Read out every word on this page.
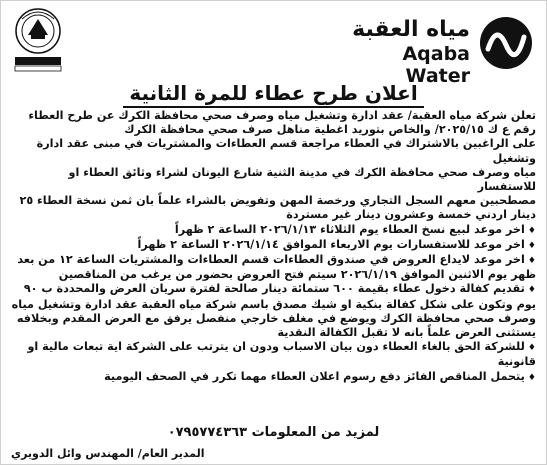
مياه العقبة
Aqaba Water
اعلان طرح عطاء للمرة الثانية

تعلن شركة مياه العقبة/ عقد ادارة وتشغيل مياه وصرف صحي محافظة الكرك عن طرح العطاء

رقم ع ك ٢٠٢٥/١٥/ والخاص بتوريد اغطية مناهل صرف صحي محافظة الكرك

على الراغبين بالاشتراك في العطاء مراجعة قسم العطاءات والمشتريات في مبنى عقد ادارة وتشغيل

مياه وصرف صحي محافظة الكرك في مدينة الثنية شارع اليونان لشراء وثائق العطاء او للاستفسار

مصطحبين معهم السجل التجاري ورخصة المهن وتفويض بالشراء علماً بان ثمن نسخة العطاء ٢٥

دينار اردني خمسة وعشرون دينار غير مستردة

♦ اخر موعد لبيع نسخ العطاء يوم الثلاثاء ٢٠٢٦/١/١٣ الساعة ٢ ظهراً

♦ اخر موعد للاستفسارات يوم الاربعاء الموافق ٢٠٢٦/١/١٤ الساعة ٢ ظهراً

♦ اخر موعد لايداع العروض في صندوق العطاءات قسم العطاءات والمشتريات الساعة ١٢ من بعد

ظهر يوم الاثنين الموافق ٢٠٢٦/١/١٩ سيتم فتح العروض بحضور من يرغب من المناقصين

♦ تقديم كفالة دخول عطاء بقيمة ٦٠٠ ستمائة دينار صالحة لفترة سريان العرض والمحددة ب ٩٠

يوم وتكون على شكل كفالة بنكية او شيك مصدق باسم شركة مياه العقبة عقد ادارة وتشغيل مياه

وصرف صحي محافظة الكرك ويوضع في مغلف خارجي منفصل يرفق مع العرض المقدم وبخلافه

يستثنى العرض علماً بانه لا تقبل الكفالة النقدية

♦ للشركة الحق بالغاء العطاء دون بيان الاسباب ودون ان يترتب على الشركة اية تبعات مالية او

قانونية

♦ يتحمل المناقص الفائز دفع رسوم اعلان العطاء مهما تكرر في الصحف اليومية

لمزيد من المعلومات ٠٧٩٥٧٧٤٣٦٣
المدير العام/ المهندس وائل الدويري
